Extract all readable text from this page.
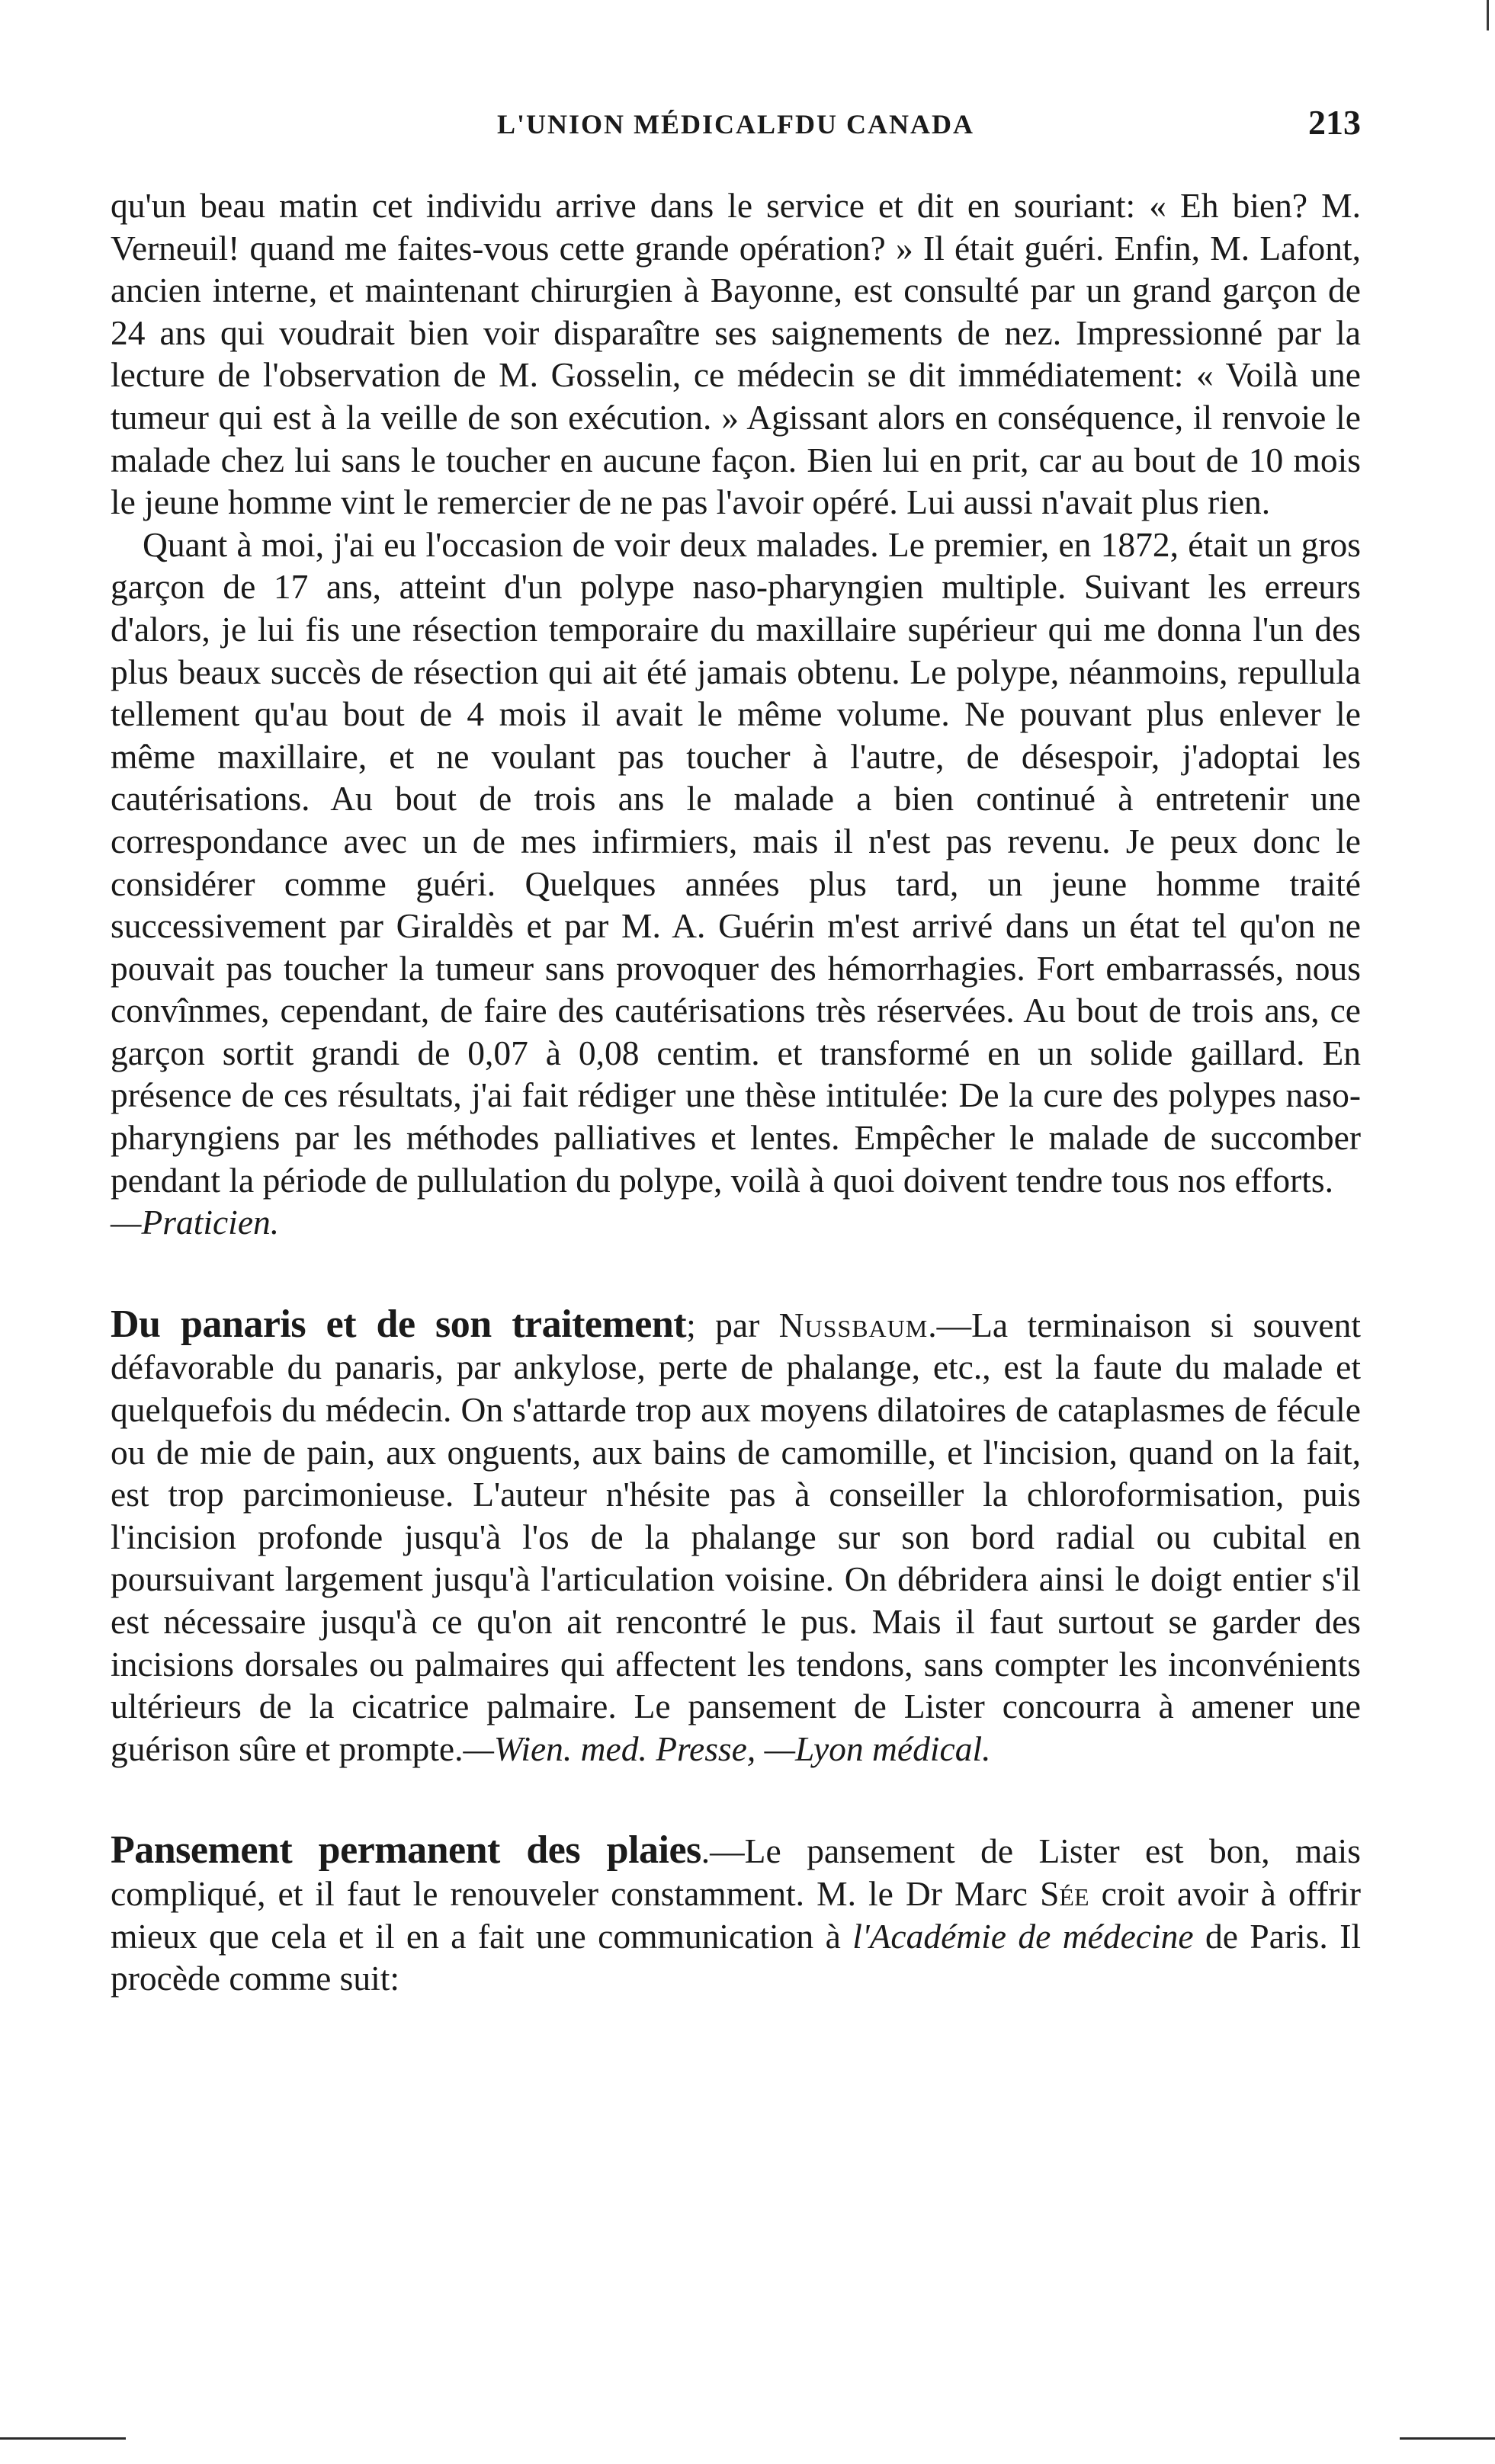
L'UNION MÉDICALFDU CANADA	213

qu'un beau matin cet individu arrive dans le service et dit en souriant: « Eh bien? M. Verneuil! quand me faites-vous cette grande opération? » Il était guéri. Enfin, M. Lafont, ancien interne, et maintenant chirurgien à Bayonne, est consulté par un grand garçon de 24 ans qui voudrait bien voir disparaître ses saignements de nez. Impressionné par la lecture de l'observation de M. Gosselin, ce médecin se dit immédiatement: « Voilà une tumeur qui est à la veille de son exécution. » Agissant alors en conséquence, il renvoie le malade chez lui sans le toucher en aucune façon. Bien lui en prit, car au bout de 10 mois le jeune homme vint le remercier de ne pas l'avoir opéré. Lui aussi n'avait plus rien.

Quant à moi, j'ai eu l'occasion de voir deux malades. Le premier, en 1872, était un gros garçon de 17 ans, atteint d'un polype naso-pharyngien multiple. Suivant les erreurs d'alors, je lui fis une résection temporaire du maxillaire supérieur qui me donna l'un des plus beaux succès de résection qui ait été jamais obtenu. Le polype, néanmoins, repullula tellement qu'au bout de 4 mois il avait le même volume. Ne pouvant plus enlever le même maxillaire, et ne voulant pas toucher à l'autre, de désespoir, j'adoptai les cautérisations. Au bout de trois ans le malade a bien continué à entretenir une correspondance avec un de mes infirmiers, mais il n'est pas revenu. Je peux donc le considérer comme guéri. Quelques années plus tard, un jeune homme traité successivement par Giraldès et par M. A. Guérin m'est arrivé dans un état tel qu'on ne pouvait pas toucher la tumeur sans provoquer des hémorrhagies. Fort embarrassés, nous convînmes, cependant, de faire des cautérisations très réservées. Au bout de trois ans, ce garçon sortit grandi de 0,07 à 0,08 centim. et transformé en un solide gaillard. En présence de ces résultats, j'ai fait rédiger une thèse intitulée: De la cure des polypes naso-pharyngiens par les méthodes palliatives et lentes. Empêcher le malade de succomber pendant la période de pullulation du polype, voilà à quoi doivent tendre tous nos efforts.

—Praticien.

Du panaris et de son traitement; par Nussbaum.—La terminaison si souvent défavorable du panaris, par ankylose, perte de phalange, etc., est la faute du malade et quelquefois du médecin. On s'attarde trop aux moyens dilatoires de cataplasmes de fécule ou de mie de pain, aux onguents, aux bains de camomille, et l'incision, quand on la fait, est trop parcimonieuse. L'auteur n'hésite pas à conseiller la chloroformisation, puis l'incision profonde jusqu'à l'os de la phalange sur son bord radial ou cubital en poursuivant largement jusqu'à l'articulation voisine. On débridera ainsi le doigt entier s'il est nécessaire jusqu'à ce qu'on ait rencontré le pus. Mais il faut surtout se garder des incisions dorsales ou palmaires qui affectent les tendons, sans compter les inconvénients ultérieurs de la cicatrice palmaire. Le pansement de Lister concourra à amener une guérison sûre et prompte.—Wien. med. Presse, —Lyon médical.

Pansement permanent des plaies.—Le pansement de Lister est bon, mais compliqué, et il faut le renouveler constamment. M. le Dr Marc Sée croit avoir à offrir mieux que cela et il en a fait une communication à l'Académie de médecine de Paris. Il procède comme suit:
